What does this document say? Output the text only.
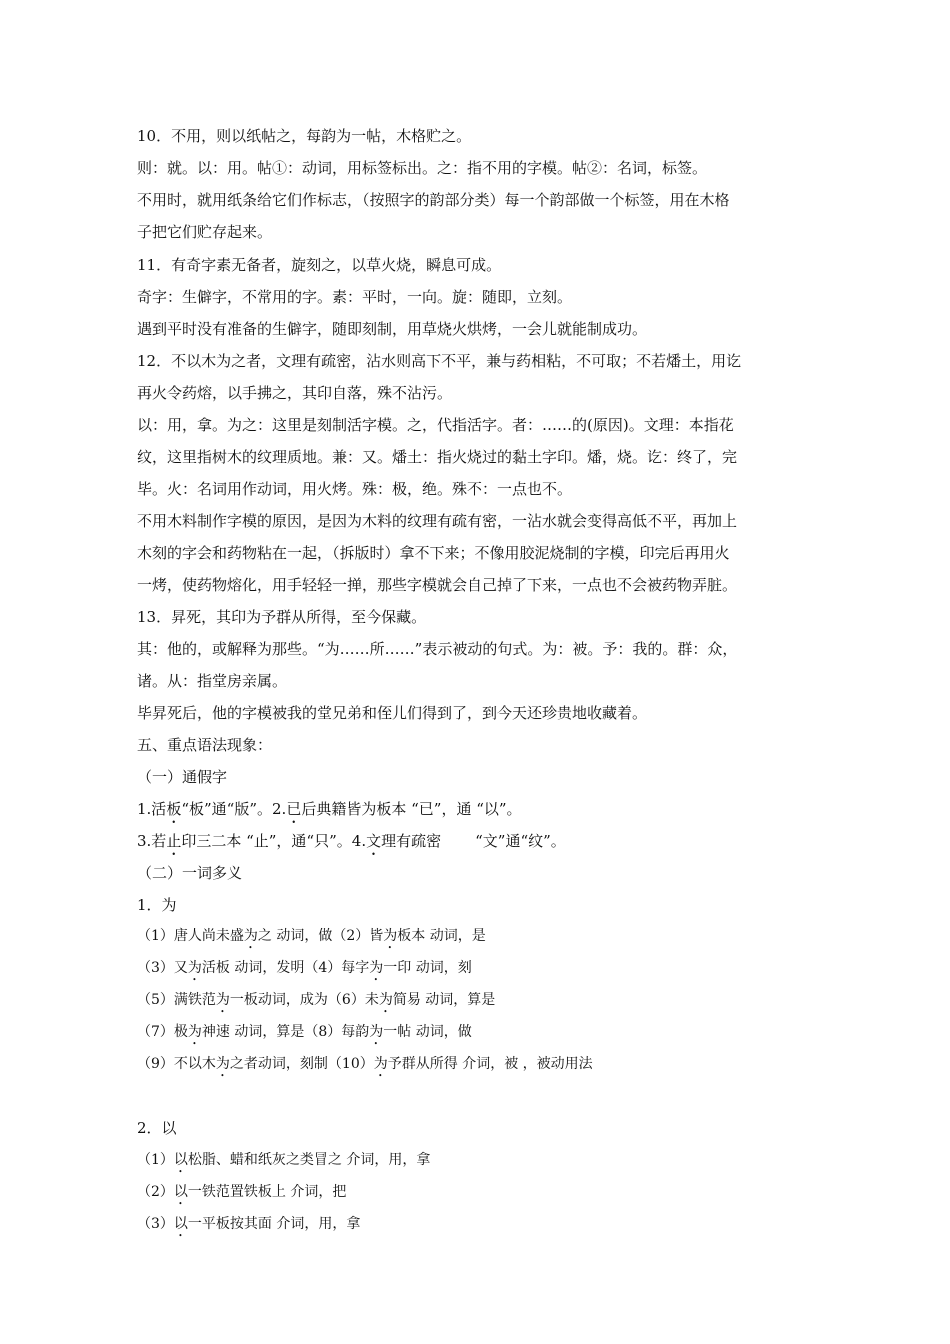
10．不用，则以纸帖之，每韵为一帖，木格贮之。

则：就。以：用。帖①：动词，用标签标出。之：指不用的字模。帖②：名词，标签。

不用时，就用纸条给它们作标志，（按照字的韵部分类）每一个韵部做一个标签，用在木格

子把它们贮存起来。

11．有奇字素无备者，旋刻之，以草火烧，瞬息可成。

奇字：生僻字，不常用的字。素：平时，一向。旋：随即，立刻。

遇到平时没有准备的生僻字，随即刻制，用草烧火烘烤，一会儿就能制成功。

12．不以木为之者，文理有疏密，沾水则高下不平，兼与药相粘，不可取；不若燔土，用讫

再火令药熔，以手拂之，其印自落，殊不沾污。

以：用，拿。为之：这里是刻制活字模。之，代指活字。者：……的(原因)。文理：本指花

纹，这里指树木的纹理质地。兼：又。燔土：指火烧过的黏土字印。燔，烧。讫：终了，完

毕。火：名词用作动词，用火烤。殊：极，绝。殊不：一点也不。

不用木料制作字模的原因，是因为木料的纹理有疏有密，一沾水就会变得高低不平，再加上

木刻的字会和药物粘在一起，（拆版时）拿不下来；不像用胶泥烧制的字模，印完后再用火

一烤，使药物熔化，用手轻轻一掸，那些字模就会自己掉了下来，一点也不会被药物弄脏。

13．昇死，其印为予群从所得，至今保藏。

其：他的，或解释为那些。“为……所……”表示被动的句式。为：被。予：我的。群：众，

诸。从：指堂房亲属。

毕昇死后，他的字模被我的堂兄弟和侄儿们得到了，到今天还珍贵地收藏着。

五、重点语法现象：

（一）通假字

1.活板“板”通“版”。2.已后典籍皆为板本 “已”，通 “以”。

3.若止印三二本 “止”，通“只”。4.文理有疏密 “文”通“纹”。

（二）一词多义

1．为

（1）唐人尚未盛为之 动词，做（2）皆为板本 动词，是

（3）又为活板 动词，发明（4）每字为一印 动词，刻

（5）满铁范为一板动词，成为（6）未为简易 动词，算是

（7）极为神速 动词，算是（8）每韵为一帖 动词，做

（9）不以木为之者动词，刻制（10）为予群从所得 介词，被 ，被动用法

2．以

（1）以松脂、蜡和纸灰之类冒之 介词，用，拿

（2）以一铁范置铁板上 介词，把

（3）以一平板按其面 介词，用，拿
